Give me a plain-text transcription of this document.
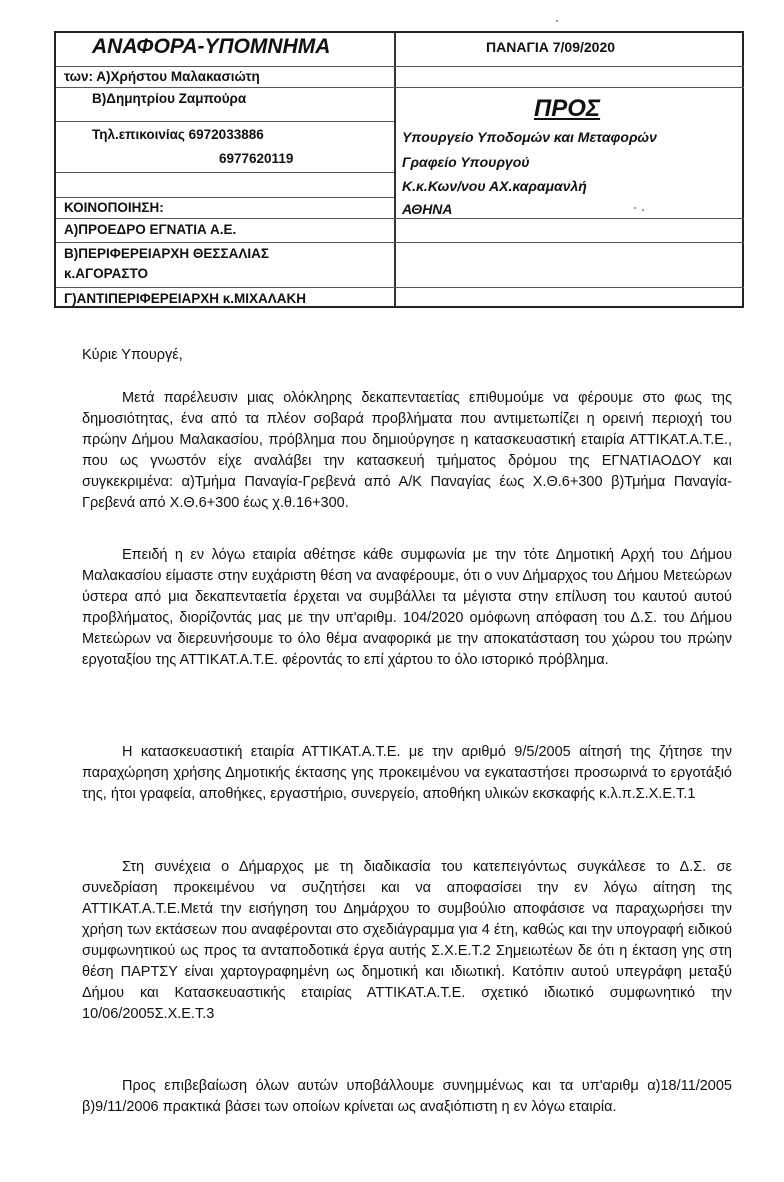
ΑΝΑΦΟΡΑ-ΥΠΟΜΝΗΜΑ
των: Α)Χρήστου Μαλακασιώτη
Β)Δημητρίου Ζαμπούρα
Τηλ.επικοινίας 6972033886
6977620119
ΚΟΙΝΟΠΟΙΗΣΗ:
Α)ΠΡΟΕΔΡΟ ΕΓΝΑΤΙΑ Α.Ε.
Β)ΠΕΡΙΦΕΡΕΙΑΡΧΗ ΘΕΣΣΑΛΙΑΣ
κ.ΑΓΟΡΑΣΤΟ
Γ)ΑΝΤΙΠΕΡΙΦΕΡΕΙΑΡΧΗ κ.ΜΙΧΑΛΑΚΗ
ΠΑΝΑΓΙΑ 7/09/2020
ΠΡΟΣ
Υπουργείο Υποδομών και Μεταφορών
Γραφείο Υπουργού
Κ.κ.Κων/νου ΑΧ.καραμανλή
ΑΘΗΝΑ
Κύριε Υπουργέ,

Μετά παρέλευσιν μιας ολόκληρης δεκαπενταετίας επιθυμούμε να φέρουμε στο φως της δημοσιότητας, ένα από τα πλέον σοβαρά προβλήματα που αντιμετωπίζει η ορεινή περιοχή του πρώην Δήμου Μαλακασίου, πρόβλημα που δημιούργησε η κατασκευαστική εταιρία ΑΤΤΙΚΑΤ.Α.Τ.Ε., που ως γνωστόν είχε αναλάβει την κατασκευή τμήματος δρόμου της ΕΓΝΑΤΙΑΟΔΟΥ και συγκεκριμένα: α)Τμήμα Παναγία-Γρεβενά από Α/Κ Παναγίας έως Χ.Θ.6+300 β)Τμήμα Παναγία-Γρεβενά από Χ.Θ.6+300 έως χ.θ.16+300.

Επειδή η εν λόγω εταιρία αθέτησε κάθε συμφωνία με την τότε Δημοτική Αρχή του Δήμου Μαλακασίου είμαστε στην ευχάριστη θέση να αναφέρουμε, ότι ο νυν Δήμαρχος του Δήμου Μετεώρων ύστερα από μια δεκαπενταετία έρχεται να συμβάλλει τα μέγιστα στην επίλυση του καυτού αυτού προβλήματος, διορίζοντάς μας με την υπ'αριθμ. 104/2020 ομόφωνη απόφαση του Δ.Σ. του Δήμου Μετεώρων να διερευνήσουμε το όλο θέμα αναφορικά με την αποκατάσταση του χώρου του πρώην εργοταξίου της ΑΤΤΙΚΑΤ.Α.Τ.Ε. φέροντάς το επί χάρτου το όλο ιστορικό πρόβλημα.

Η κατασκευαστική εταιρία ΑΤΤΙΚΑΤ.Α.Τ.Ε. με την αριθμό 9/5/2005 αίτησή της ζήτησε την παραχώρηση χρήσης Δημοτικής έκτασης γης προκειμένου να εγκαταστήσει προσωρινά το εργοτάξιό της, ήτοι γραφεία, αποθήκες, εργαστήριο, συνεργείο, αποθήκη υλικών εκσκαφής κ.λ.π.Σ.Χ.Ε.Τ.1

Στη συνέχεια ο Δήμαρχος με τη διαδικασία του κατεπειγόντως συγκάλεσε το Δ.Σ. σε συνεδρίαση προκειμένου να συζητήσει και να αποφασίσει την εν λόγω αίτηση της ΑΤΤΙΚΑΤ.Α.Τ.Ε.Μετά την εισήγηση του Δημάρχου το συμβούλιο αποφάσισε να παραχωρήσει την χρήση των εκτάσεων που αναφέρονται στο σχεδιάγραμμα για 4 έτη, καθώς και την υπογραφή ειδικού συμφωνητικού ως προς τα ανταποδοτικά έργα αυτής Σ.Χ.Ε.Τ.2 Σημειωτέων δε ότι η έκταση γης στη θέση ΠΑΡΤΣΥ είναι χαρτογραφημένη ως δημοτική και ιδιωτική. Κατόπιν αυτού υπεγράφη μεταξύ Δήμου και Κατασκευαστικής εταιρίας ΑΤΤΙΚΑΤ.Α.Τ.Ε. σχετικό ιδιωτικό συμφωνητικό την 10/06/2005Σ.Χ.Ε.Τ.3

Προς επιβεβαίωση όλων αυτών υποβάλλουμε συνημμένως και τα υπ'αριθμ α)18/11/2005 β)9/11/2006 πρακτικά βάσει των οποίων κρίνεται ως αναξιόπιστη η εν λόγω εταιρία.
